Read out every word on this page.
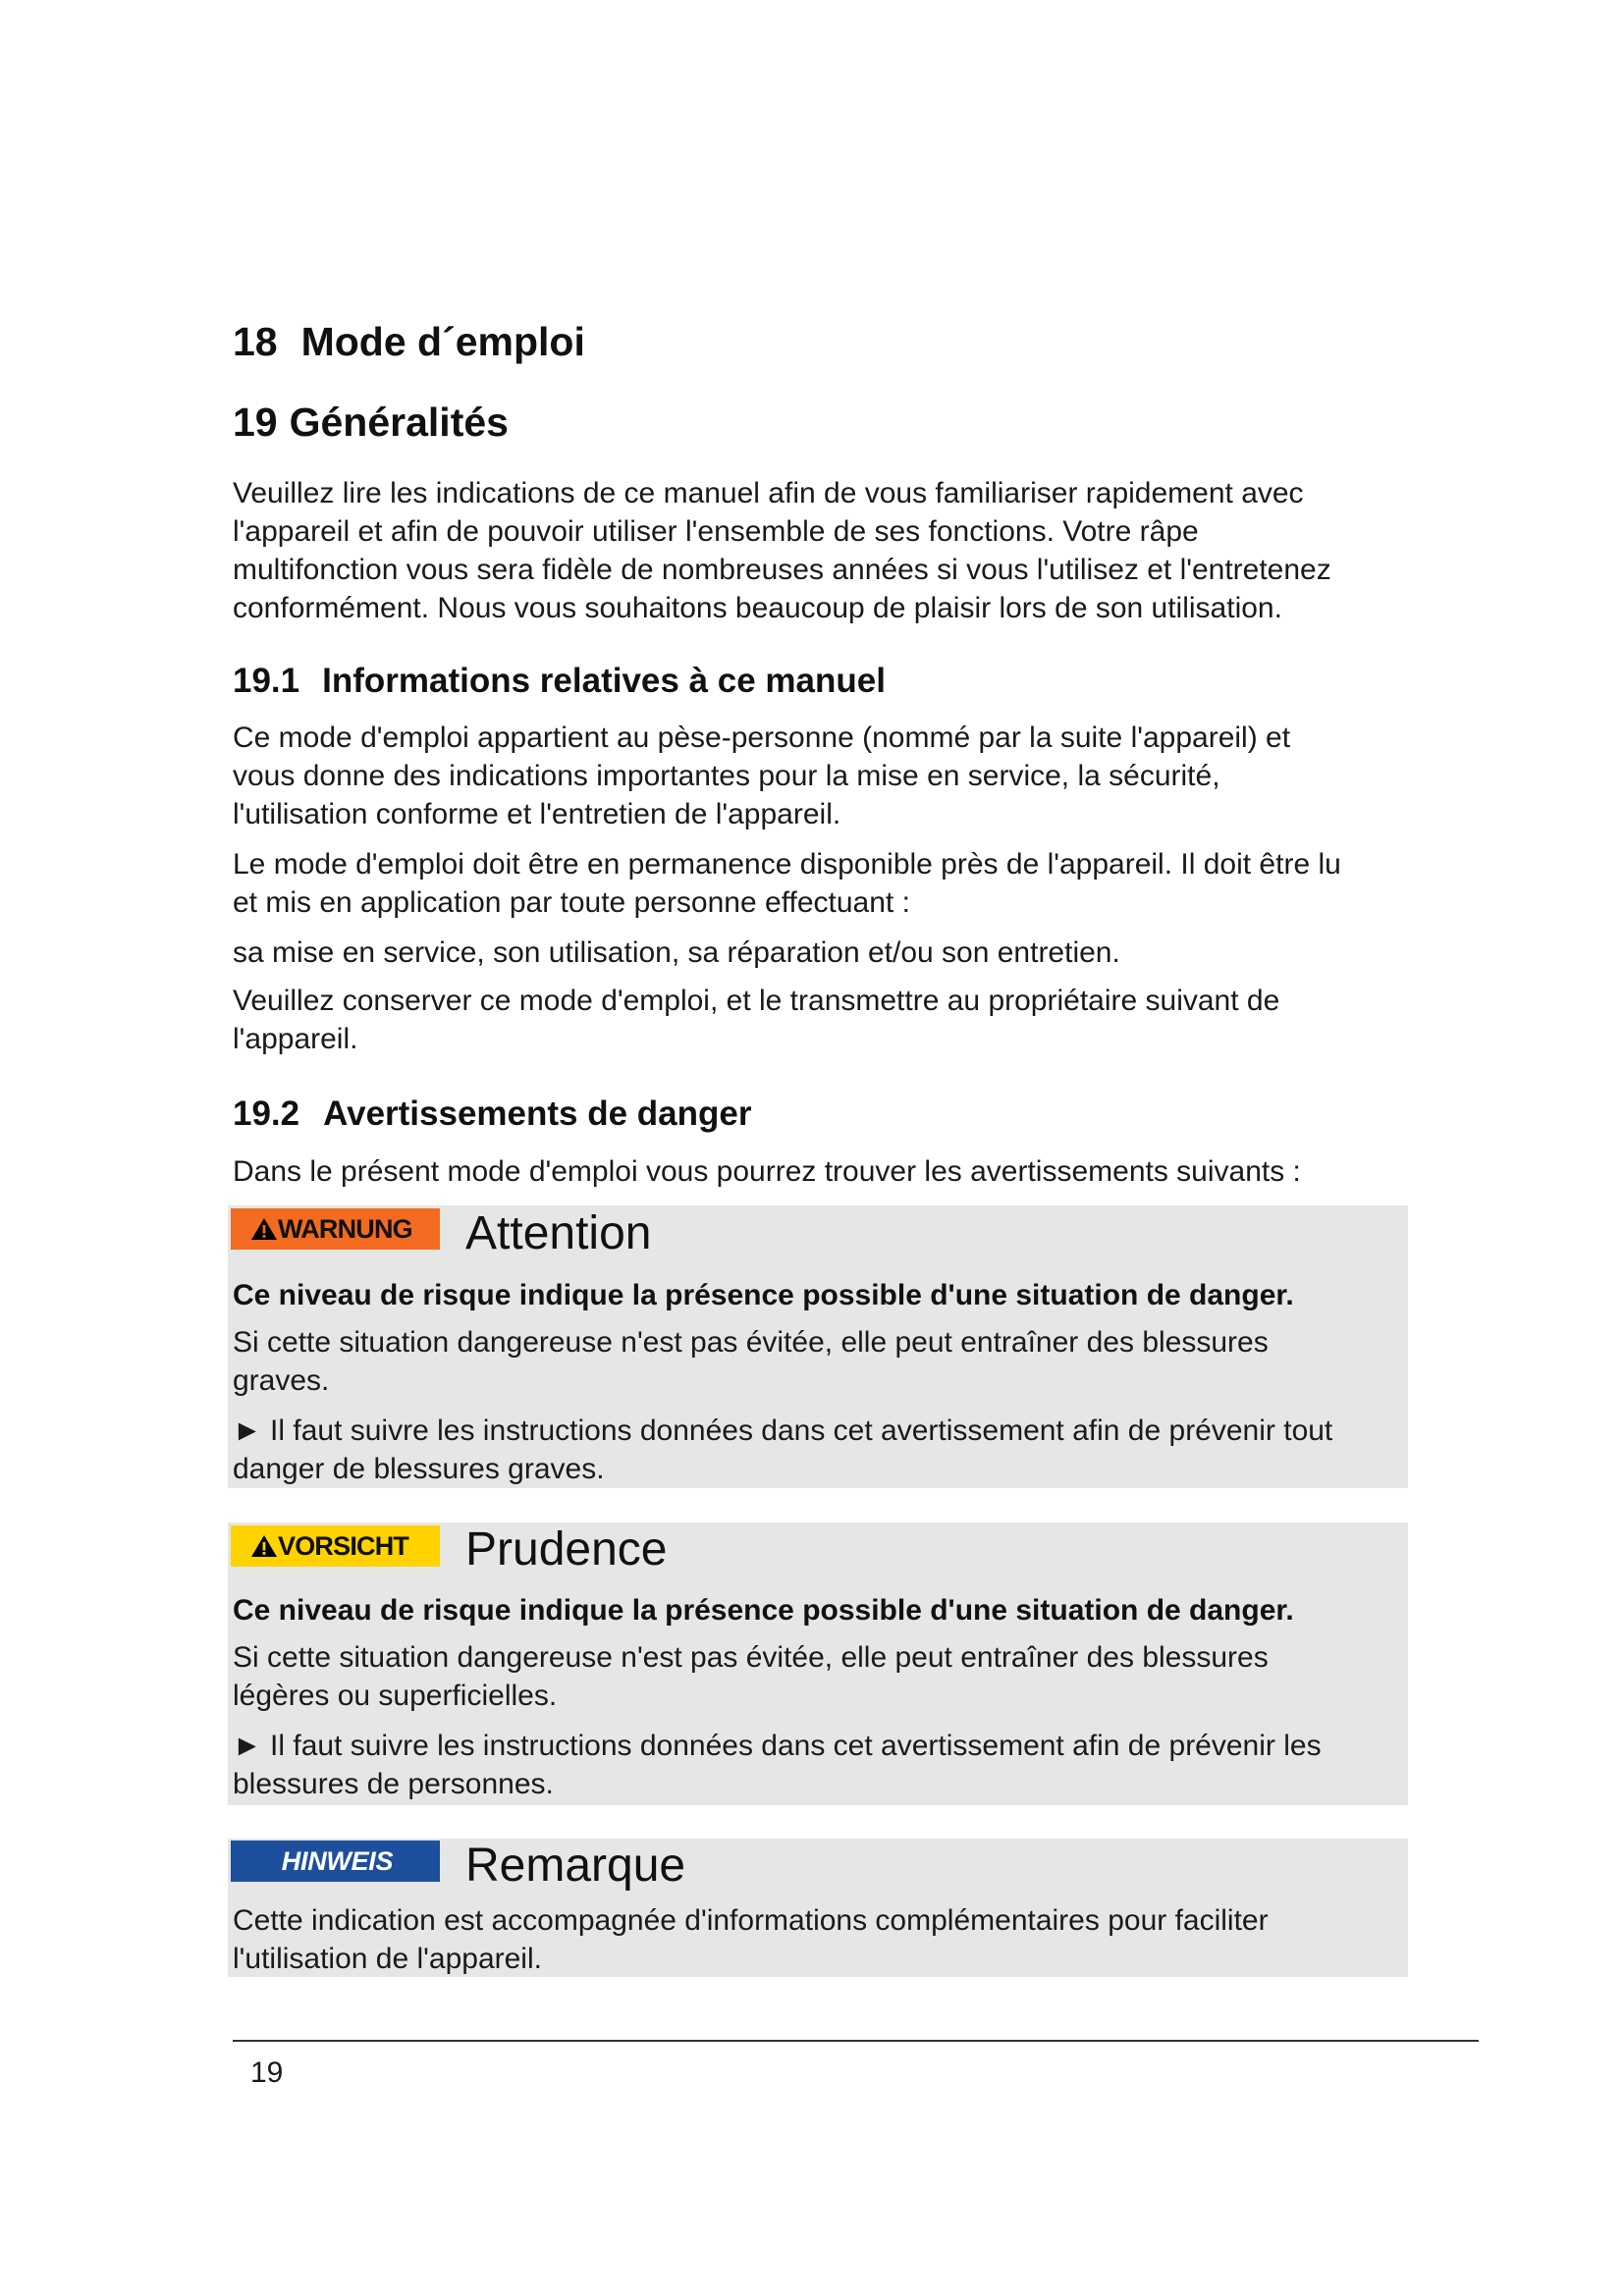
18 Mode d´emploi
19 Généralités
Veuillez lire les indications de ce manuel afin de vous familiariser rapidement avec
l'appareil et afin de pouvoir utiliser l'ensemble de ses fonctions. Votre râpe
multifonction vous sera fidèle de nombreuses années si vous l'utilisez et l'entretenez
conformément. Nous vous souhaitons beaucoup de plaisir lors de son utilisation.
19.1 Informations relatives à ce manuel
Ce mode d'emploi appartient au pèse-personne (nommé par la suite l'appareil) et
vous donne des indications importantes pour la mise en service, la sécurité,
l'utilisation conforme et l'entretien de l'appareil.
Le mode d'emploi doit être en permanence disponible près de l'appareil. Il doit être lu
et mis en application par toute personne effectuant :
sa mise en service, son utilisation, sa réparation et/ou son entretien.
Veuillez conserver ce mode d'emploi, et le transmettre au propriétaire suivant de
l'appareil.
19.2 Avertissements de danger
Dans le présent mode d'emploi vous pourrez trouver les avertissements suivants :
WARNUNG Attention
Ce niveau de risque indique la présence possible d'une situation de danger.
Si cette situation dangereuse n'est pas évitée, elle peut entraîner des blessures
graves.
► Il faut suivre les instructions données dans cet avertissement afin de prévenir tout
danger de blessures graves.
VORSICHT Prudence
Ce niveau de risque indique la présence possible d'une situation de danger.
Si cette situation dangereuse n'est pas évitée, elle peut entraîner des blessures
légères ou superficielles.
► Il faut suivre les instructions données dans cet avertissement afin de prévenir les
blessures de personnes.
HINWEIS Remarque
Cette indication est accompagnée d'informations complémentaires pour faciliter
l'utilisation de l'appareil.
19
